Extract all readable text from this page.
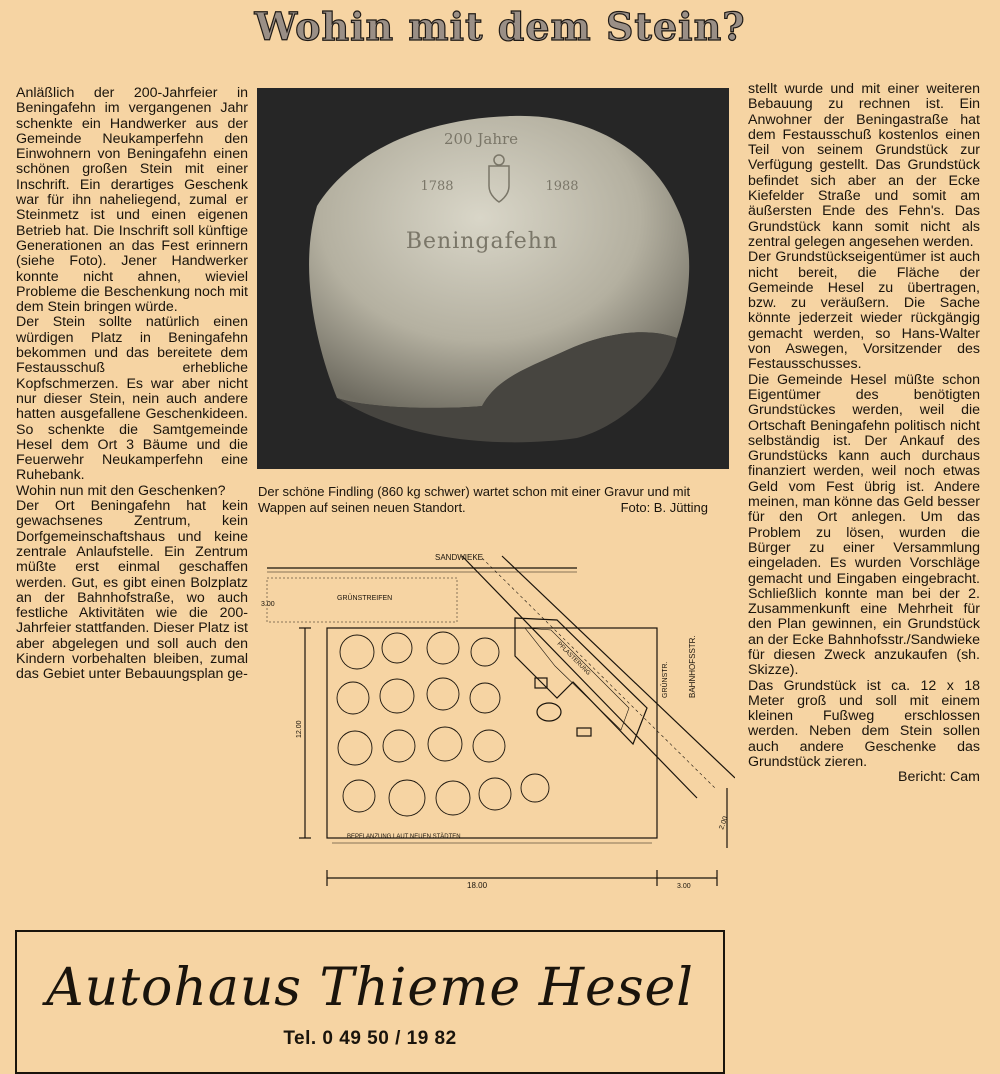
Wohin mit dem Stein?

Anläßlich der 200-Jahrfeier in Beningafehn im vergangenen Jahr schenkte ein Handwerker aus der Gemeinde Neukamperfehn den Einwohnern von Beningafehn einen schönen großen Stein mit einer Inschrift. Ein derartiges Geschenk war für ihn naheliegend, zumal er Steinmetz ist und einen eigenen Betrieb hat. Die Inschrift soll künftige Generationen an das Fest erinnern (siehe Foto). Jener Handwerker konnte nicht ahnen, wieviel Probleme die Beschenkung noch mit dem Stein bringen würde.

Der Stein sollte natürlich einen würdigen Platz in Beningafehn bekommen und das bereitete dem Festausschuß erhebliche Kopfschmerzen. Es war aber nicht nur dieser Stein, nein auch andere hatten ausgefallene Geschenkideen. So schenkte die Samtgemeinde Hesel dem Ort 3 Bäume und die Feuerwehr Neukamperfehn eine Ruhebank.

Wohin nun mit den Geschenken?

Der Ort Beningafehn hat kein gewachsenes Zentrum, kein Dorfgemeinschaftshaus und keine zentrale Anlaufstelle. Ein Zentrum müßte erst einmal geschaffen werden. Gut, es gibt einen Bolzplatz an der Bahnhofstraße, wo auch festliche Aktivitäten wie die 200-Jahrfeier stattfanden. Dieser Platz ist aber abgelegen und soll auch den Kindern vorbehalten bleiben, zumal das Gebiet unter Bebauungsplan ge-

200 Jahre
1788	1988
Beningafehn
Der schöne Findling (860 kg schwer) wartet schon mit einer Gravur und mit Wappen auf seinen neuen Standort.	Foto: B. Jütting
SANDWIEKE
GRÜNSTREIFEN
3.00
BAHNHOFSSTR.
GRÜNSTR.
PFLASTERUNG
BEPFLANZUNG LAUT NEUEN STÄDTEN
18.00	3.00
12.00
2.00

stellt wurde und mit einer weiteren Bebauung zu rechnen ist. Ein Anwohner der Beningastraße hat dem Festausschuß kostenlos einen Teil von seinem Grundstück zur Verfügung gestellt. Das Grundstück befindet sich aber an der Ecke Kiefelder Straße und somit am äußersten Ende des Fehn's. Das Grundstück kann somit nicht als zentral gelegen angesehen werden.

Der Grundstückseigentümer ist auch nicht bereit, die Fläche der Gemeinde Hesel zu übertragen, bzw. zu veräußern. Die Sache könnte jederzeit wieder rückgängig gemacht werden, so Hans-Walter von Aswegen, Vorsitzender des Festausschusses.

Die Gemeinde Hesel müßte schon Eigentümer des benötigten Grundstückes werden, weil die Ortschaft Beningafehn politisch nicht selbständig ist. Der Ankauf des Grundstücks kann auch durchaus finanziert werden, weil noch etwas Geld vom Fest übrig ist. Andere meinen, man könne das Geld besser für den Ort anlegen. Um das Problem zu lösen, wurden die Bürger zu einer Versammlung eingeladen. Es wurden Vorschläge gemacht und Eingaben eingebracht. Schließlich konnte man bei der 2. Zusammenkunft eine Mehrheit für den Plan gewinnen, ein Grundstück an der Ecke Bahnhofsstr./Sandwieke für diesen Zweck anzukaufen (sh. Skizze).

Das Grundstück ist ca. 12 x 18 Meter groß und soll mit einem kleinen Fußweg erschlossen werden. Neben dem Stein sollen auch andere Geschenke das Grundstück zieren.

Bericht: Cam

Autohaus Thieme Hesel
Tel. 0 49 50 / 19 82
